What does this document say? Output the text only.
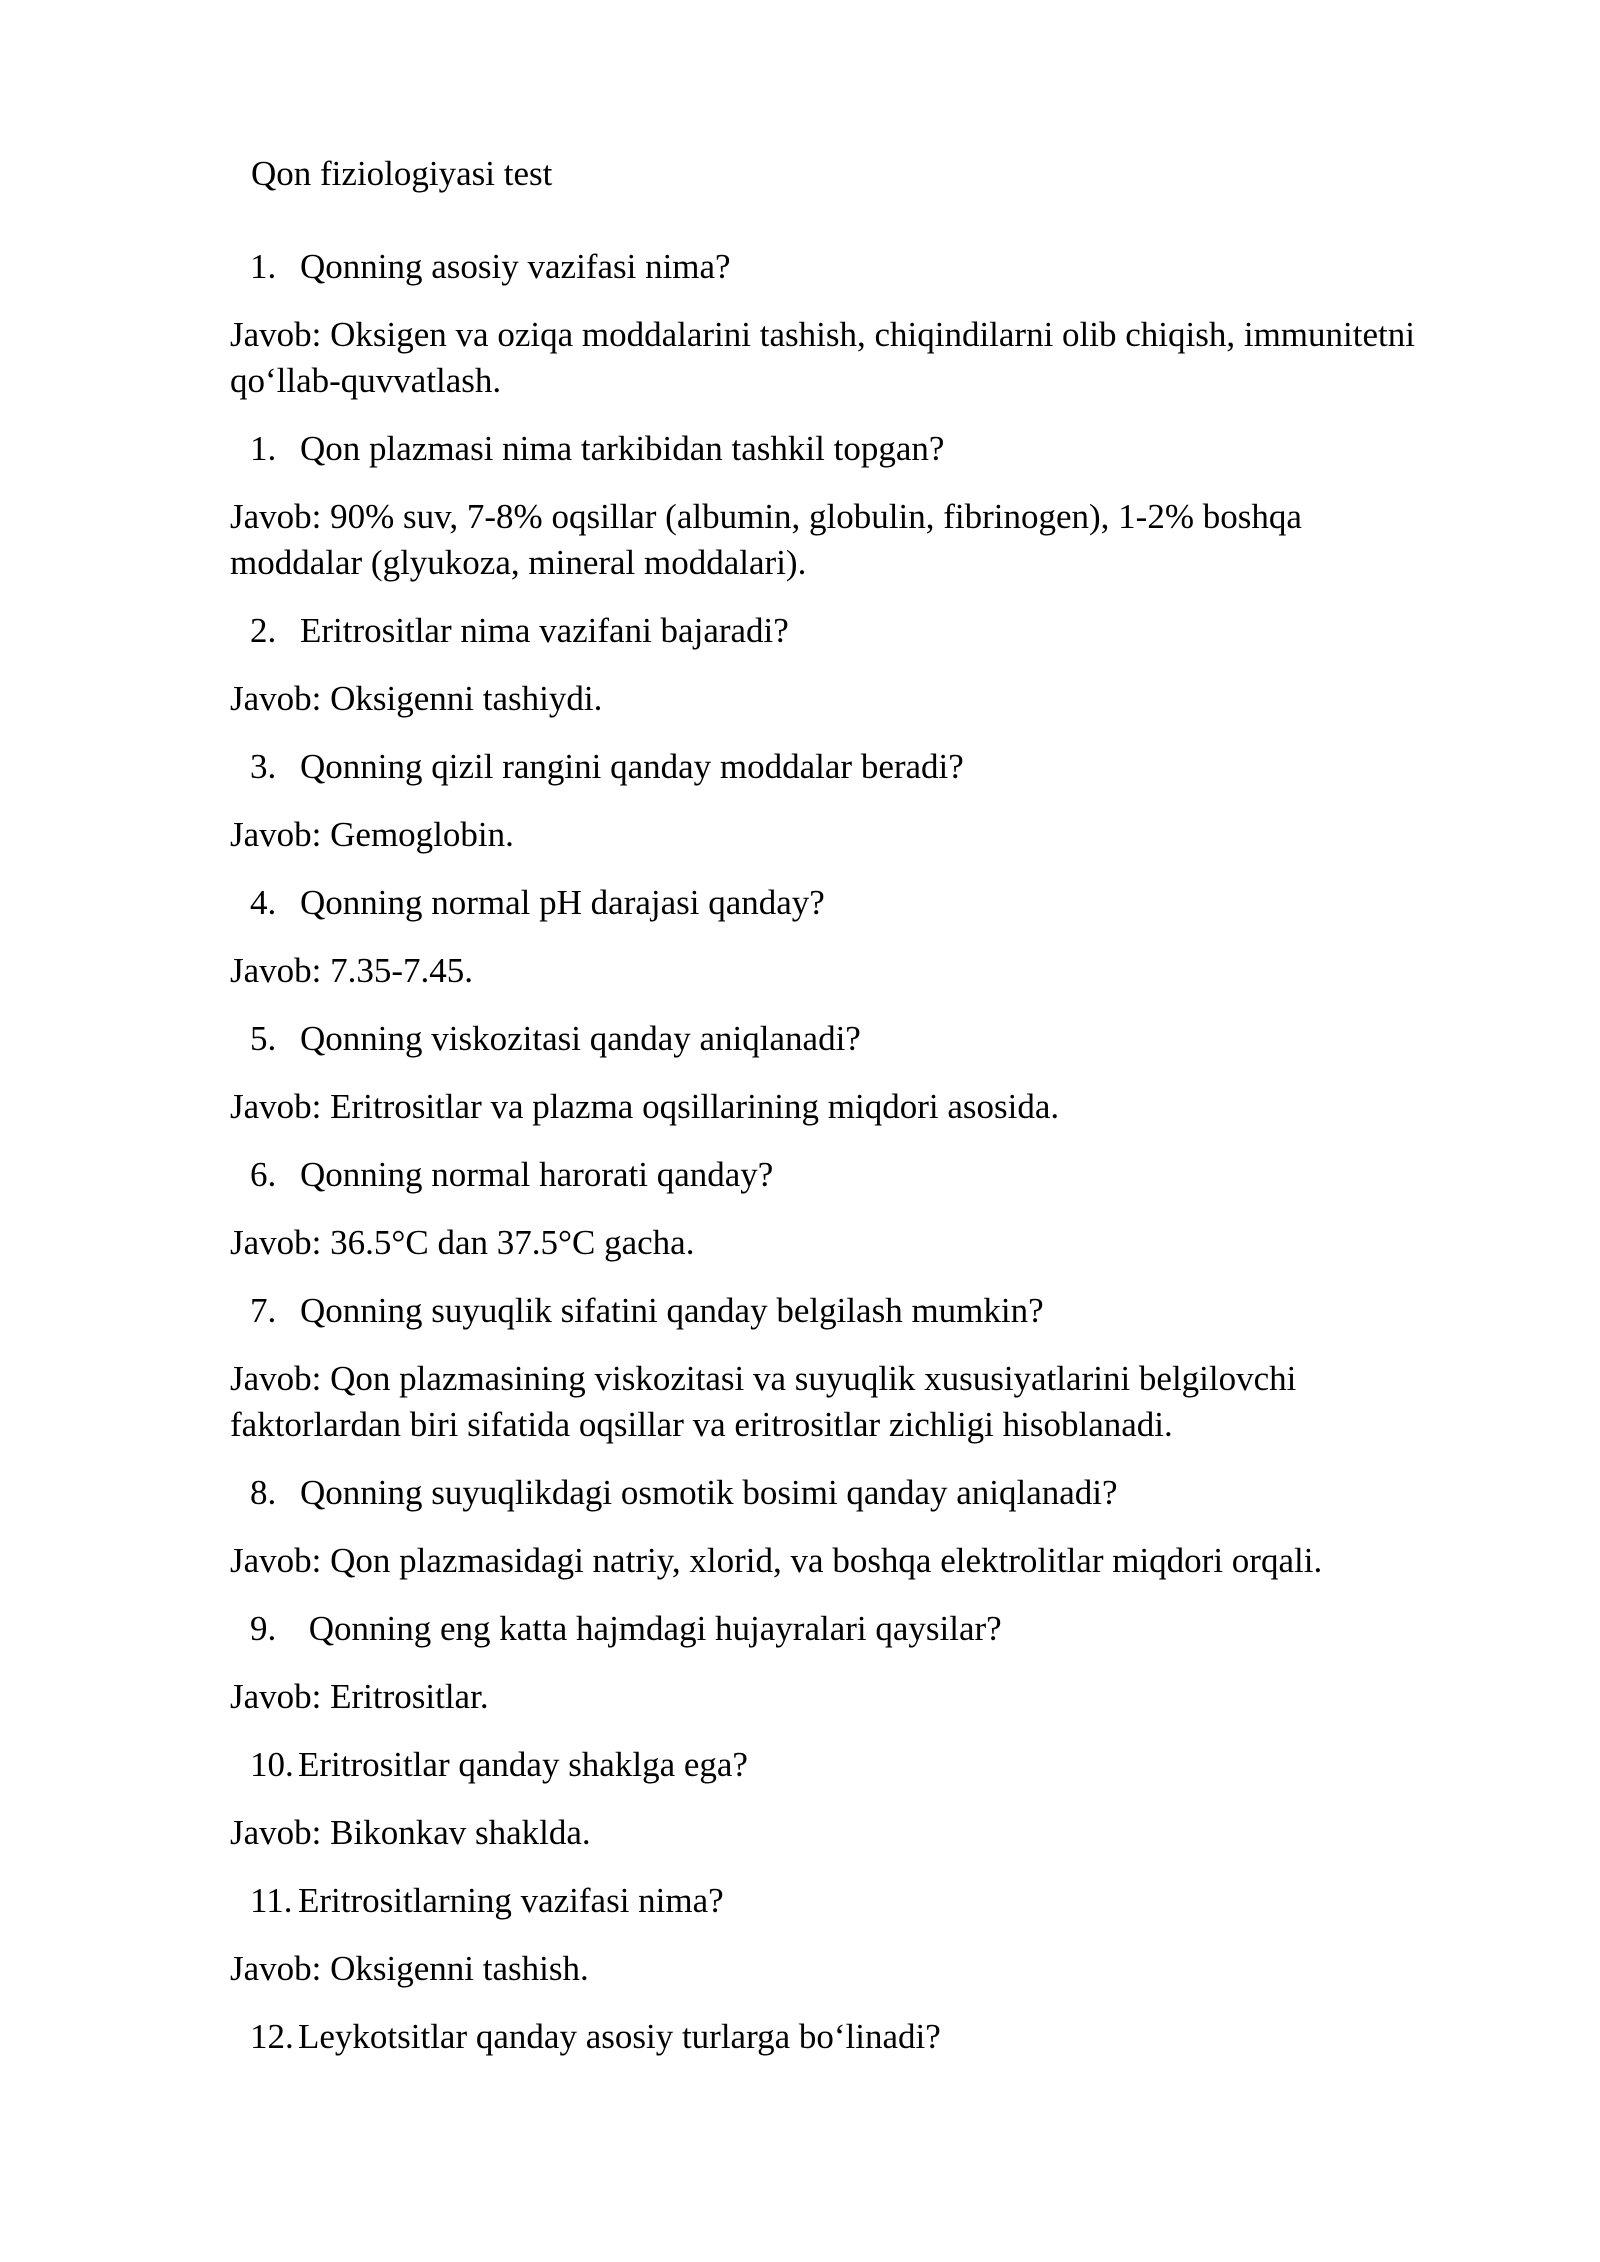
Qon fiziologiyasi test
1. Qonning asosiy vazifasi nima?
Javob: Oksigen va oziqa moddalarini tashish, chiqindilarni olib chiqish, immunitetni qo‘llab-quvvatlash.
1. Qon plazmasi nima tarkibidan tashkil topgan?
Javob: 90% suv, 7-8% oqsillar (albumin, globulin, fibrinogen), 1-2% boshqa moddalar (glyukoza, mineral moddalari).
2. Eritrositlar nima vazifani bajaradi?
Javob: Oksigenni tashiydi.
3. Qonning qizil rangini qanday moddalar beradi?
Javob: Gemoglobin.
4. Qonning normal pH darajasi qanday?
Javob: 7.35-7.45.
5. Qonning viskozitasi qanday aniqlanadi?
Javob: Eritrositlar va plazma oqsillarining miqdori asosida.
6. Qonning normal harorati qanday?
Javob: 36.5°C dan 37.5°C gacha.
7. Qonning suyuqlik sifatini qanday belgilash mumkin?
Javob: Qon plazmasining viskozitasi va suyuqlik xususiyatlarini belgilovchi faktorlardan biri sifatida oqsillar va eritrositlar zichligi hisoblanadi.
8. Qonning suyuqlikdagi osmotik bosimi qanday aniqlanadi?
Javob: Qon plazmasidagi natriy, xlorid, va boshqa elektrolitlar miqdori orqali.
9. Qonning eng katta hajmdagi hujayralari qaysilar?
Javob: Eritrositlar.
10. Eritrositlar qanday shaklga ega?
Javob: Bikonkav shaklda.
11. Eritrositlarning vazifasi nima?
Javob: Oksigenni tashish.
12. Leykotsitlar qanday asosiy turlarga bo‘linadi?
